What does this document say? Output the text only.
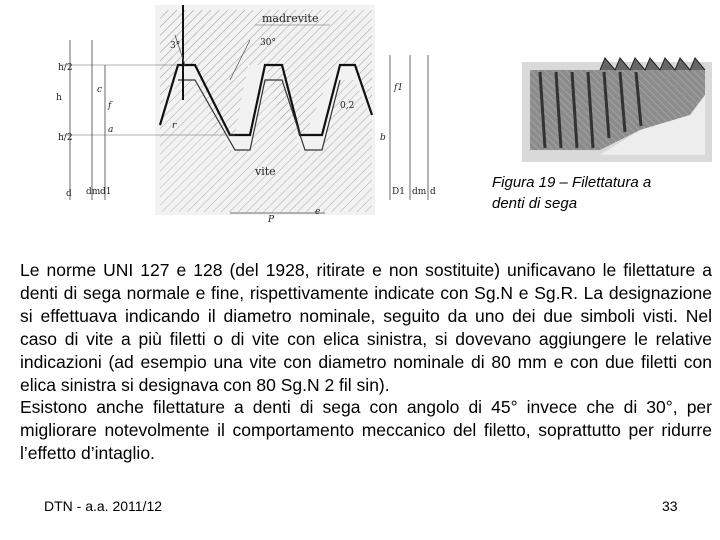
madrevite
vite
30°
3°
h/2
h
h/2
c
f
a	r
d dm d1
f1
0,2
b
D1 dm d
P
e
Figura 19 – Filettatura a
denti di sega

Le norme UNI 127 e 128 (del 1928, ritirate e non sostituite) unificavano le filettature a denti di sega normale e fine, rispettivamente indicate con Sg.N e Sg.R. La designazione si effettuava indicando il diametro nominale, seguito da uno dei due simboli visti. Nel caso di vite a più filetti o di vite con elica sinistra, si dovevano aggiungere le relative indicazioni (ad esempio una vite con diametro nominale di 80 mm e con due filetti con elica sinistra si designava con 80 Sg.N 2 fil sin).

Esistono anche filettature a denti di sega con angolo di 45° invece che di 30°, per migliorare notevolmente il comportamento meccanico del filetto, soprattutto per ridurre l’effetto d’intaglio.

DTN - a.a. 2011/12	33
